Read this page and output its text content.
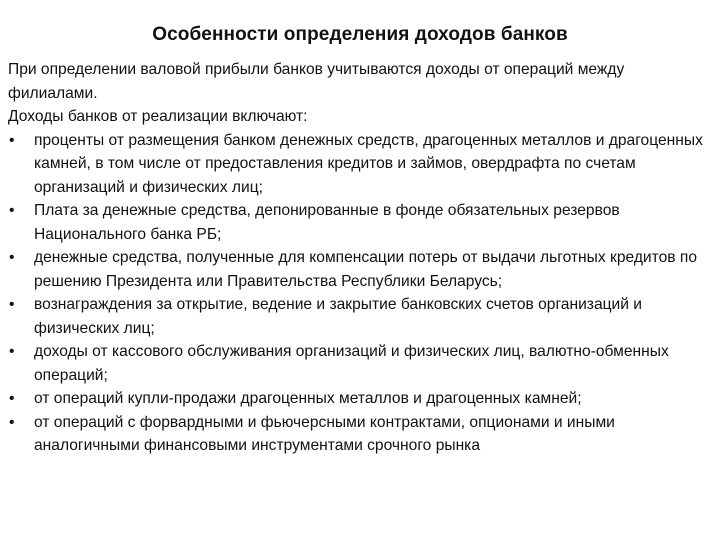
Особенности определения доходов банков

При определении валовой прибыли банков учитываются доходы от операций между филиалами.

Доходы банков от реализации включают:

•	проценты от размещения банком денежных средств, драгоценных металлов и драгоценных камней, в том числе от предоставления кредитов и займов, овердрафта по счетам организаций и физических лиц;
•	Плата за денежные средства, депонированные в фонде обязательных резервов Национального банка РБ;
•	денежные средства, полученные для компенсации потерь от выдачи льготных кредитов по решению Президента или Правительства Республики Беларусь;
•	вознаграждения за открытие, ведение и закрытие банковских счетов организаций и физических лиц;
•	доходы от кассового обслуживания организаций и физических лиц, валютно-обменных операций;
•	от операций купли-продажи драгоценных металлов и драгоценных камней;
•	от операций с форвардными и фьючерсными контрактами, опционами и иными аналогичными финансовыми инструментами срочного рынка
